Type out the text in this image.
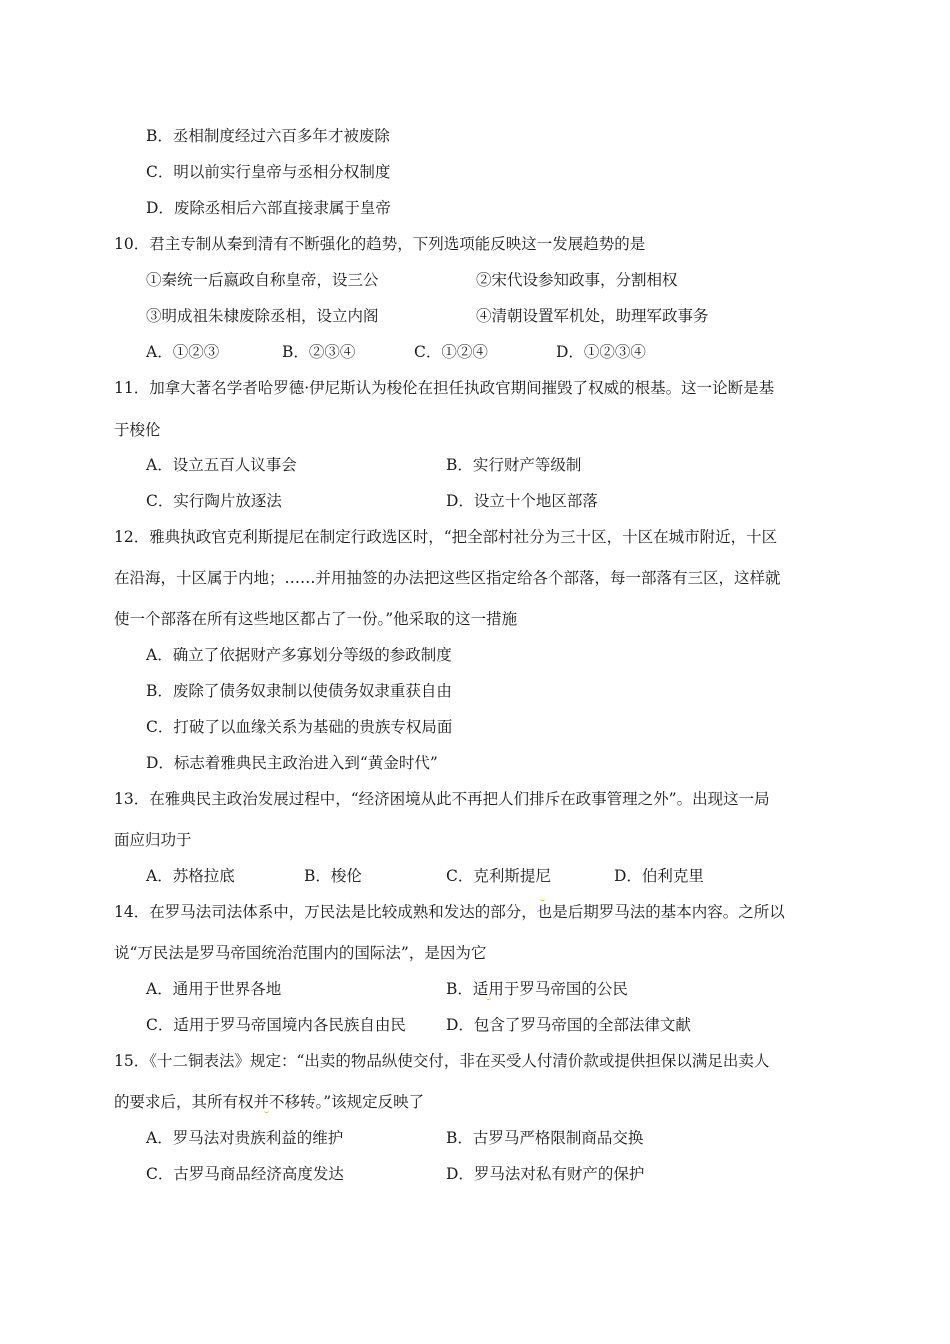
B．丞相制度经过六百多年才被废除
C．明以前实行皇帝与丞相分权制度
D．废除丞相后六部直接隶属于皇帝
10．君主专制从秦到清有不断强化的趋势，下列选项能反映这一发展趋势的是
①秦统一后嬴政自称皇帝，设三公	②宋代设参知政事，分割相权
③明成祖朱棣废除丞相，设立内阁	④清朝设置军机处，助理军政事务
A．①②③	B．②③④	C．①②④	D．①②③④
11．加拿大著名学者哈罗德·伊尼斯认为梭伦在担任执政官期间摧毁了权威的根基。这一论断是基
于梭伦
A．设立五百人议事会	B．实行财产等级制
C．实行陶片放逐法	D．设立十个地区部落
12．雅典执政官克利斯提尼在制定行政选区时，“把全部村社分为三十区，十区在城市附近，十区
在沿海，十区属于内地；……并用抽签的办法把这些区指定给各个部落，每一部落有三区，这样就
使一个部落在所有这些地区都占了一份。”他采取的这一措施
A．确立了依据财产多寡划分等级的参政制度
B．废除了债务奴隶制以使债务奴隶重获自由
C．打破了以血缘关系为基础的贵族专权局面
D．标志着雅典民主政治进入到“黄金时代”
13．在雅典民主政治发展过程中，“经济困境从此不再把人们排斥在政事管理之外”。出现这一局
面应归功于
A．苏格拉底	B．梭伦	C．克利斯提尼	D．伯利克里
14．在罗马法司法体系中，万民法是比较成熟和发达的部分，也是后期罗马法的基本内容。之所以
说“万民法是罗马帝国统治范围内的国际法”，是因为它
A．通用于世界各地	B．适用于罗马帝国的公民
C．适用于罗马帝国境内各民族自由民	D．包含了罗马帝国的全部法律文献
15．《十二铜表法》规定：“出卖的物品纵使交付，非在买受人付清价款或提供担保以满足出卖人
的要求后，其所有权并不移转。”该规定反映了
A．罗马法对贵族利益的维护	B．古罗马严格限制商品交换
C．古罗马商品经济高度发达	D．罗马法对私有财产的保护
